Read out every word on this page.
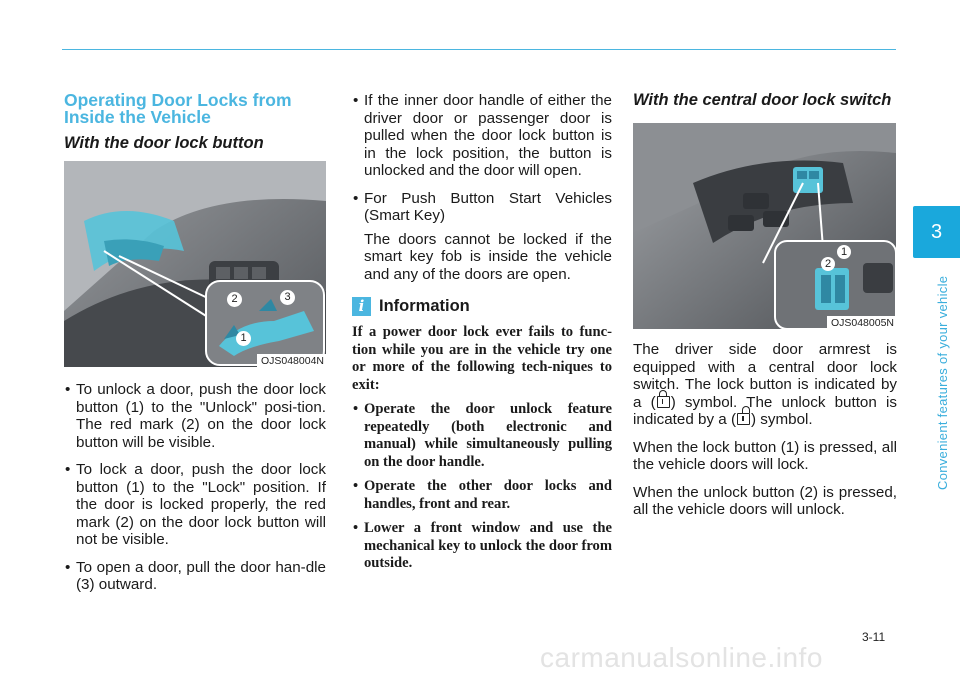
Operating Door Locks from Inside the Vehicle
With the door lock button
1
2	3
OJS048004N
• To unlock a door, push the door lock button (1) to the "Unlock" posi-tion. The red mark (2) on the door lock button will be visible.
• To lock a door, push the door lock button (1) to the "Lock" position. If the door is locked properly, the red mark (2) on the door lock button will not be visible.
• To open a door, pull the door han-dle (3) outward.
• If the inner door handle of either the driver door or passenger door is pulled when the door lock button is in the lock position, the button is unlocked and the door will open.
• For Push Button Start Vehicles (Smart Key)

The doors cannot be locked if the smart key fob is inside the vehicle and any of the doors are open.

i Information

If a power door lock ever fails to func-tion while you are in the vehicle try one or more of the following tech-niques to exit:

• Operate the door unlock feature repeatedly (both electronic and manual) while simultaneously pulling on the door handle.
• Operate the other door locks and handles, front and rear.
• Lower a front window and use the mechanical key to unlock the door from outside.
With the central door lock switch
1
2
OJS048005N

The driver side door armrest is equipped with a central door lock switch. The lock button is indicated by a ( ) symbol. The unlock button is indicated by a ( ) symbol.

When the lock button (1) is pressed, all the vehicle doors will lock.

When the unlock button (2) is pressed, all the vehicle doors will unlock.

3
Convenient features of your vehicle
3-11
carmanualsonline.info
